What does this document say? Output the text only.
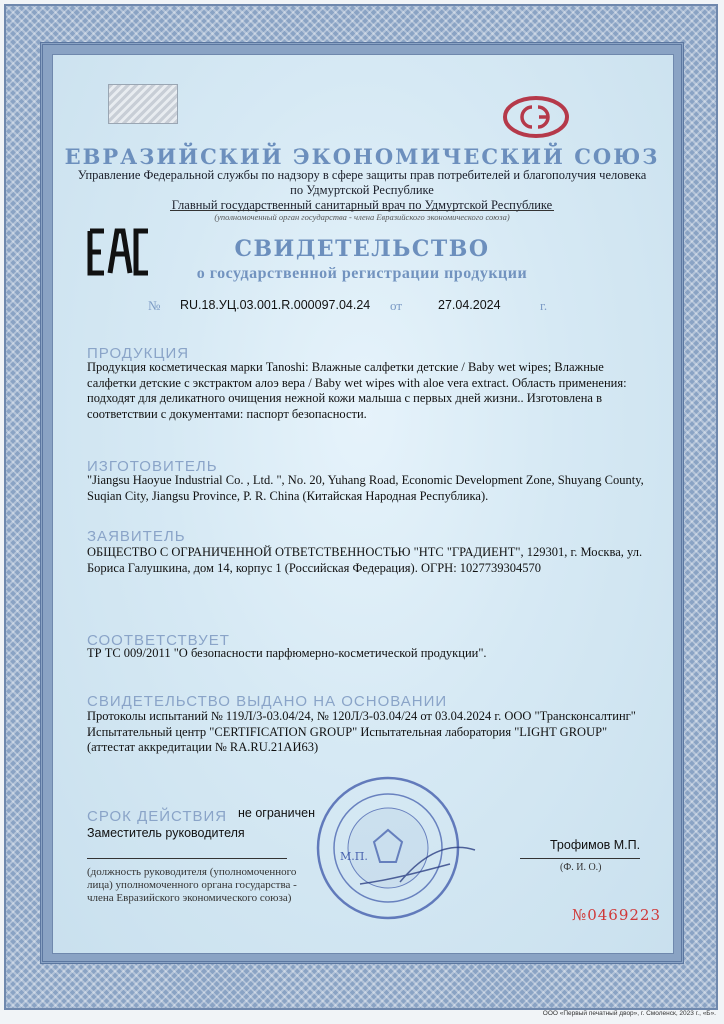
ЕВРАЗИЙСКИЙ ЭКОНОМИЧЕСКИЙ СОЮЗ
Управление Федеральной службы по надзору в сфере защиты прав потребителей и благополучия человека
по Удмуртской Республике
Главный государственный санитарный врач по Удмуртской Республике
(уполномоченный орган государства - члена Евразийского экономического союза)
СВИДЕТЕЛЬСТВО
о государственной регистрации продукции
№ RU.18.УЦ.03.001.R.000097.04.24 от	27.04.2024	г.
ПРОДУКЦИЯ
Продукция косметическая марки Tanoshi: Влажные салфетки детские / Baby wet wipes; Влажные салфетки детские с экстрактом алоэ вера / Baby wet wipes with aloe vera extract. Область применения: подходят для деликатного очищения нежной кожи малыша с первых дней жизни.. Изготовлена в соответствии с документами: паспорт безопасности.
ИЗГОТОВИТЕЛЬ
"Jiangsu Haoyue Industrial Co. , Ltd. ", No. 20, Yuhang Road, Economic Development Zone, Shuyang County, Suqian City, Jiangsu Province, P. R. China (Китайская Народная Республика).
ЗАЯВИТЕЛЬ
ОБЩЕСТВО С ОГРАНИЧЕННОЙ ОТВЕТСТВЕННОСТЬЮ "НТС "ГРАДИЕНТ", 129301, г. Москва, ул. Бориса Галушкина, дом 14, корпус 1 (Российская Федерация). ОГРН: 1027739304570
СООТВЕТСТВУЕТ
ТР ТС 009/2011 "О безопасности парфюмерно-косметической продукции".
СВИДЕТЕЛЬСТВО ВЫДАНО НА ОСНОВАНИИ
Протоколы испытаний № 119Л/3-03.04/24, № 120Л/3-03.04/24 от 03.04.2024 г. ООО "Трансконсалтинг" Испытательный центр "CERTIFICATION GROUP" Испытательная лаборатория "LIGHT GROUP" (аттестат аккредитации № RA.RU.21АИ63)
СРОК ДЕЙСТВИЯ не ограничен
Заместитель руководителя
Трофимов М.П.
(Ф. И. О.)
(должность руководителя (уполномоченного
лица) уполномоченного органа государства -
члена Евразийского экономического союза)
М.П.
№0469223
ООО «Первый печатный двор», г. Смоленск, 2023 г., «Б».
